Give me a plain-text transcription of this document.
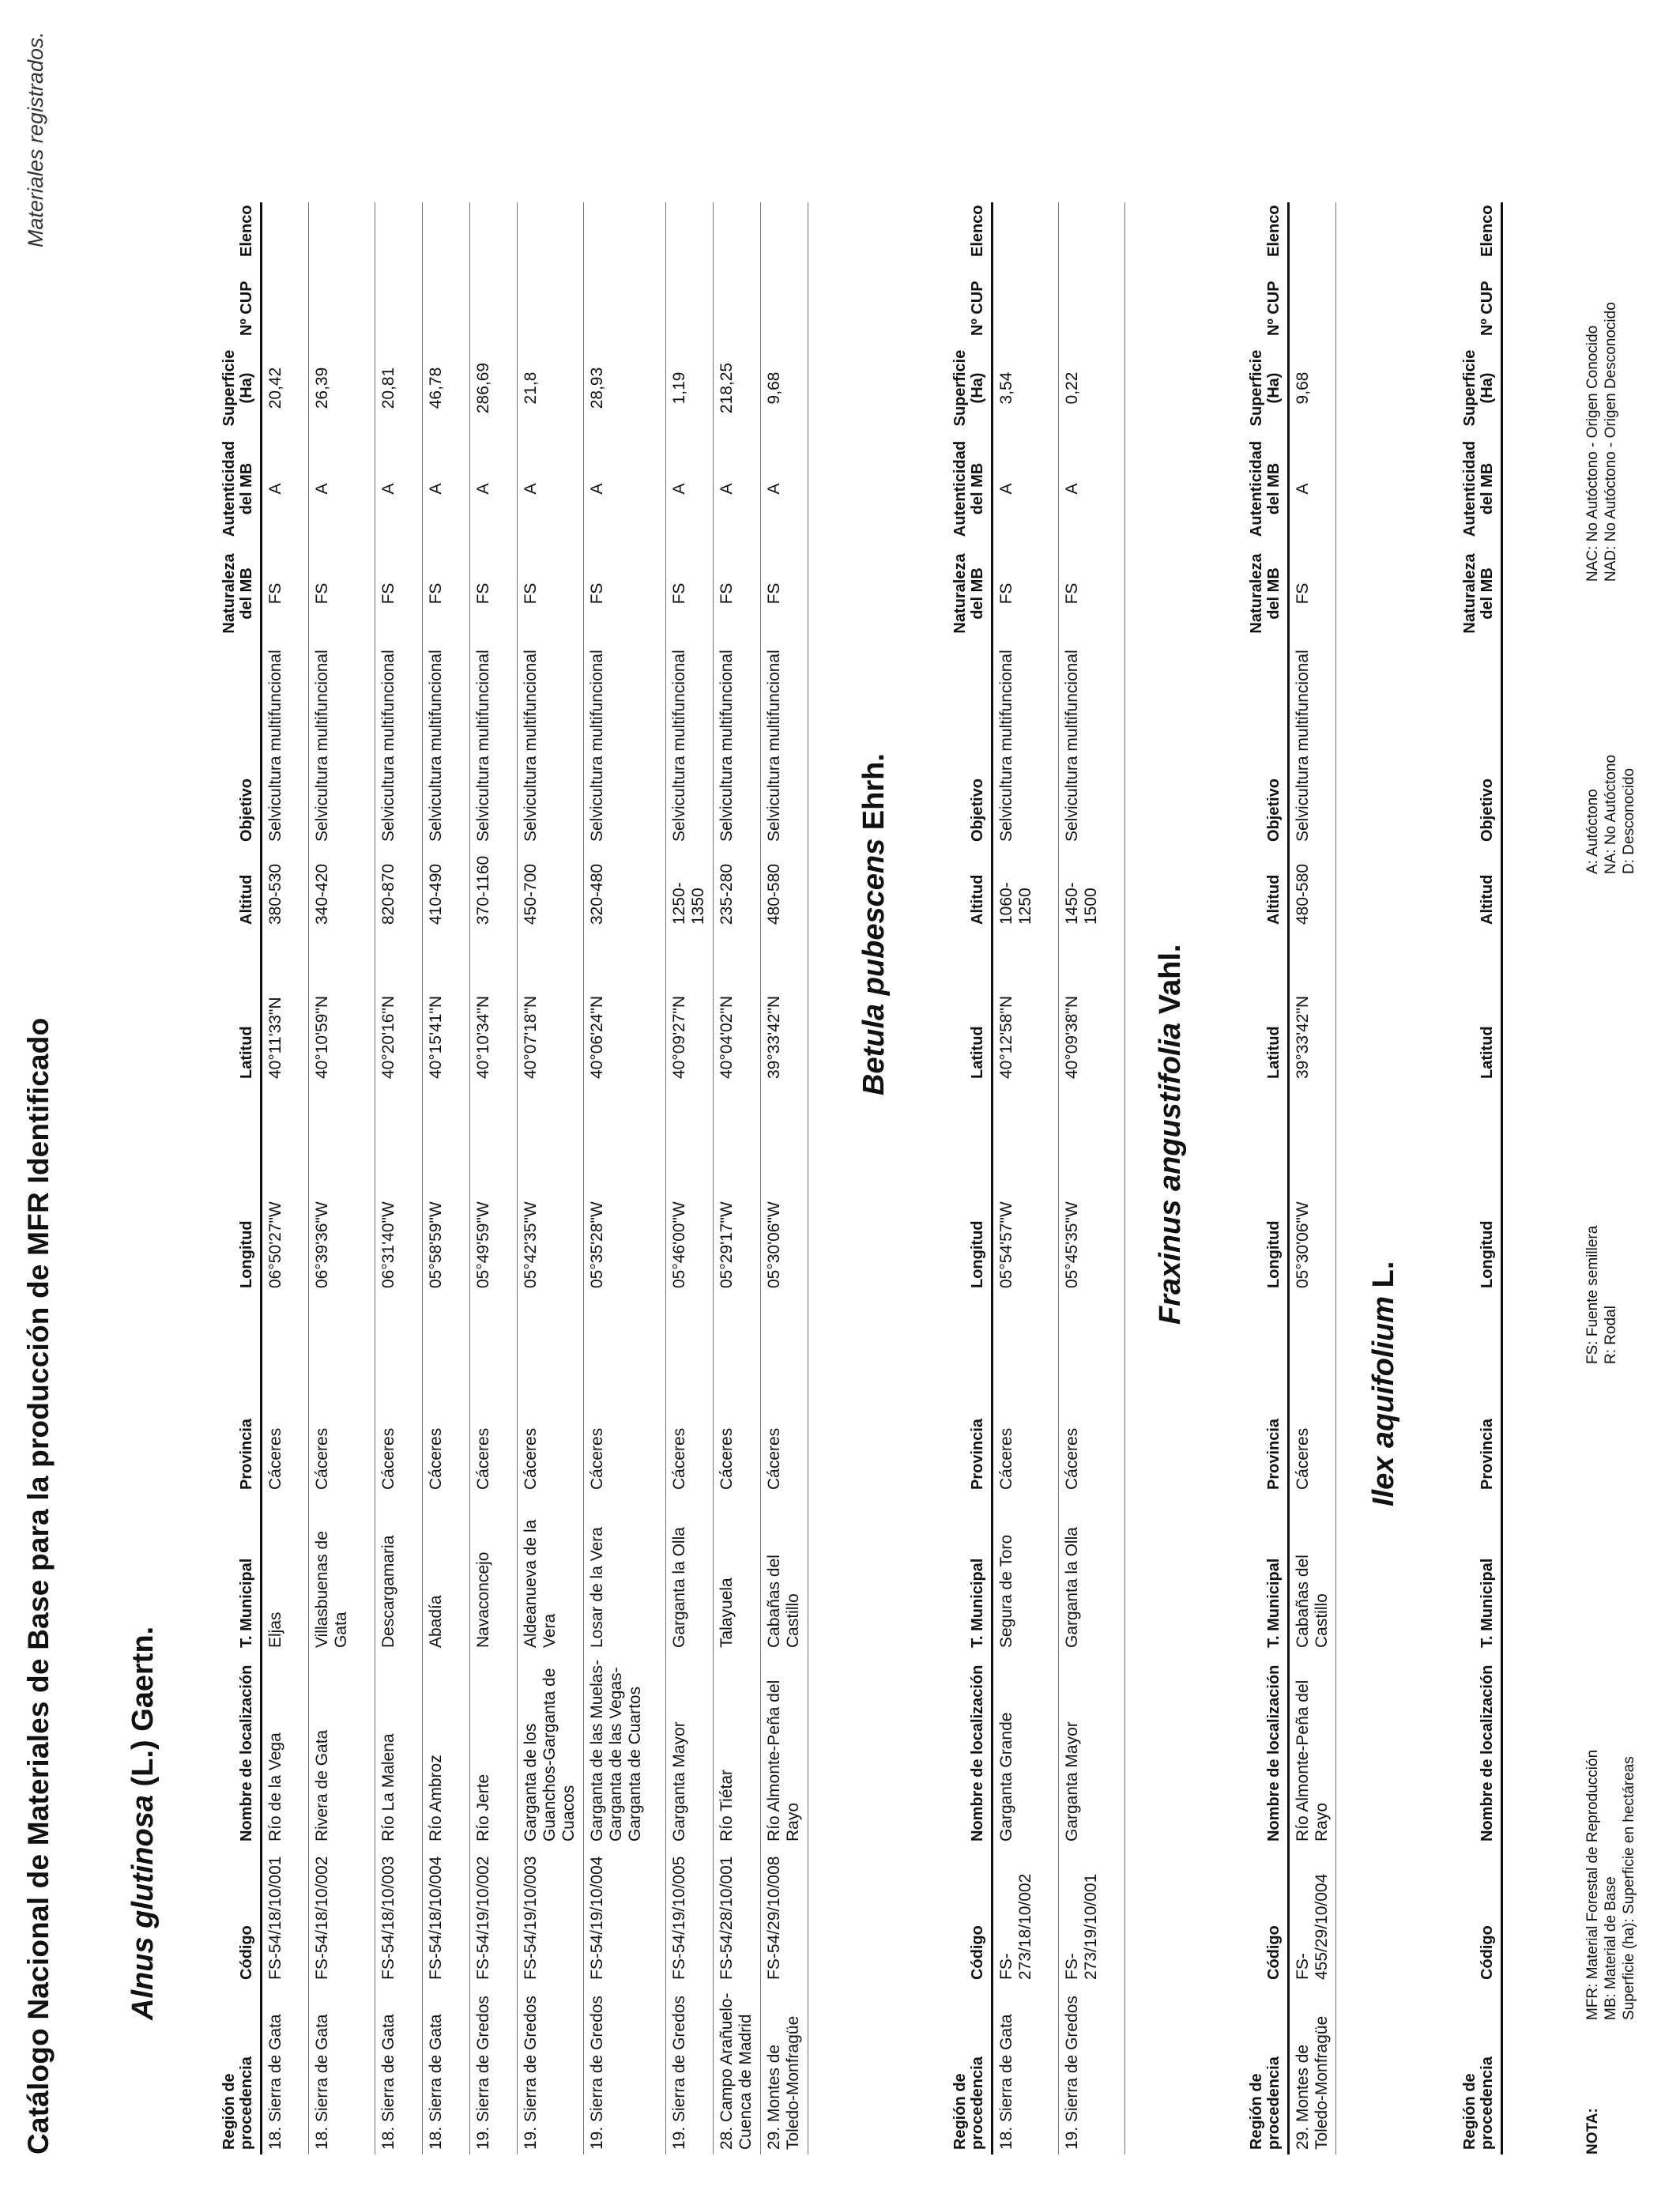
Catálogo Nacional de Materiales de Base para la producción de MFR Identificado
Materiales registrados.
Alnus glutinosa (L.) Gaertn.
Región de procedencia	Código	Nombre de localización	T. Municipal	Provincia	Longitud	Latitud	Altitud	Objetivo	Naturaleza del MB	Autenticidad del MB	Superficie (Ha)	Nº CUP	Elenco
18. Sierra de Gata	FS-54/18/10/001	Río de la Vega	Eljas	Cáceres	06°50'27"W	40°11'33"N	380-530	Selvicultura multifuncional	FS	A	20,42		
18. Sierra de Gata	FS-54/18/10/002	Rivera de Gata	Villasbuenas de Gata	Cáceres	06°39'36"W	40°10'59"N	340-420	Selvicultura multifuncional	FS	A	26,39		
18. Sierra de Gata	FS-54/18/10/003	Río La Malena	Descargamaria	Cáceres	06°31'40"W	40°20'16"N	820-870	Selvicultura multifuncional	FS	A	20,81		
18. Sierra de Gata	FS-54/18/10/004	Río Ambroz	Abadía	Cáceres	05°58'59"W	40°15'41"N	410-490	Selvicultura multifuncional	FS	A	46,78		
19. Sierra de Gredos	FS-54/19/10/002	Río Jerte	Navaconcejo	Cáceres	05°49'59"W	40°10'34"N	370-1160	Selvicultura multifuncional	FS	A	286,69		
19. Sierra de Gredos	FS-54/19/10/003	Garganta de los Guanchos-Garganta de Cuacos	Aldeanueva de la Vera	Cáceres	05°42'35"W	40°07'18"N	450-700	Selvicultura multifuncional	FS	A	21,8		
19. Sierra de Gredos	FS-54/19/10/004	Garganta de las Muelas-Garganta de las Vegas-Garganta de Cuartos	Losar de la Vera	Cáceres	05°35'28"W	40°06'24"N	320-480	Selvicultura multifuncional	FS	A	28,93		
19. Sierra de Gredos	FS-54/19/10/005	Garganta Mayor	Garganta la Olla	Cáceres	05°46'00"W	40°09'27"N	1250-1350	Selvicultura multifuncional	FS	A	1,19		
28. Campo Arañuelo-Cuenca de Madrid	FS-54/28/10/001	Río Tiétar	Talayuela	Cáceres	05°29'17"W	40°04'02"N	235-280	Selvicultura multifuncional	FS	A	218,25		
29. Montes de Toledo-Monfragüe	FS-54/29/10/008	Río Almonte-Peña del Rayo	Cabañas del Castillo	Cáceres	05°30'06"W	39°33'42"N	480-580	Selvicultura multifuncional	FS	A	9,68		
Betula pubescens Ehrh.
Región de procedencia	Código	Nombre de localización	T. Municipal	Provincia	Longitud	Latitud	Altitud	Objetivo	Naturaleza del MB	Autenticidad del MB	Superficie (Ha)	Nº CUP	Elenco
18. Sierra de Gata	FS-273/18/10/002	Garganta Grande	Segura de Toro	Cáceres	05°54'57"W	40°12'58"N	1060-1250	Selvicultura multifuncional	FS	A	3,54		
19. Sierra de Gredos	FS-273/19/10/001	Garganta Mayor	Garganta la Olla	Cáceres	05°45'35"W	40°09'38"N	1450-1500	Selvicultura multifuncional	FS	A	0,22		
Fraxinus angustifolia Vahl.
Región de procedencia	Código	Nombre de localización	T. Municipal	Provincia	Longitud	Latitud	Altitud	Objetivo	Naturaleza del MB	Autenticidad del MB	Superficie (Ha)	Nº CUP	Elenco
29. Montes de Toledo-Monfragüe	FS-455/29/10/004	Río Almonte-Peña del Rayo	Cabañas del Castillo	Cáceres	05°30'06"W	39°33'42"N	480-580	Selvicultura multifuncional	FS	A	9,68		
Ilex aquifolium L.
Región de procedencia	Código	Nombre de localización	T. Municipal	Provincia	Longitud	Latitud	Altitud	Objetivo	Naturaleza del MB	Autenticidad del MB	Superficie (Ha)	Nº CUP	Elenco
NOTA:
MFR: Material Forestal de Reproducción MB: Material de Base Superficie (ha): Superficie en hectáreas
FS: Fuente semillera R: Rodal
A: Autóctono NA: No Autóctono D: Desconocido
NAC: No Autóctono - Origen Conocido NAD: No Autóctono - Origen Desconocido
